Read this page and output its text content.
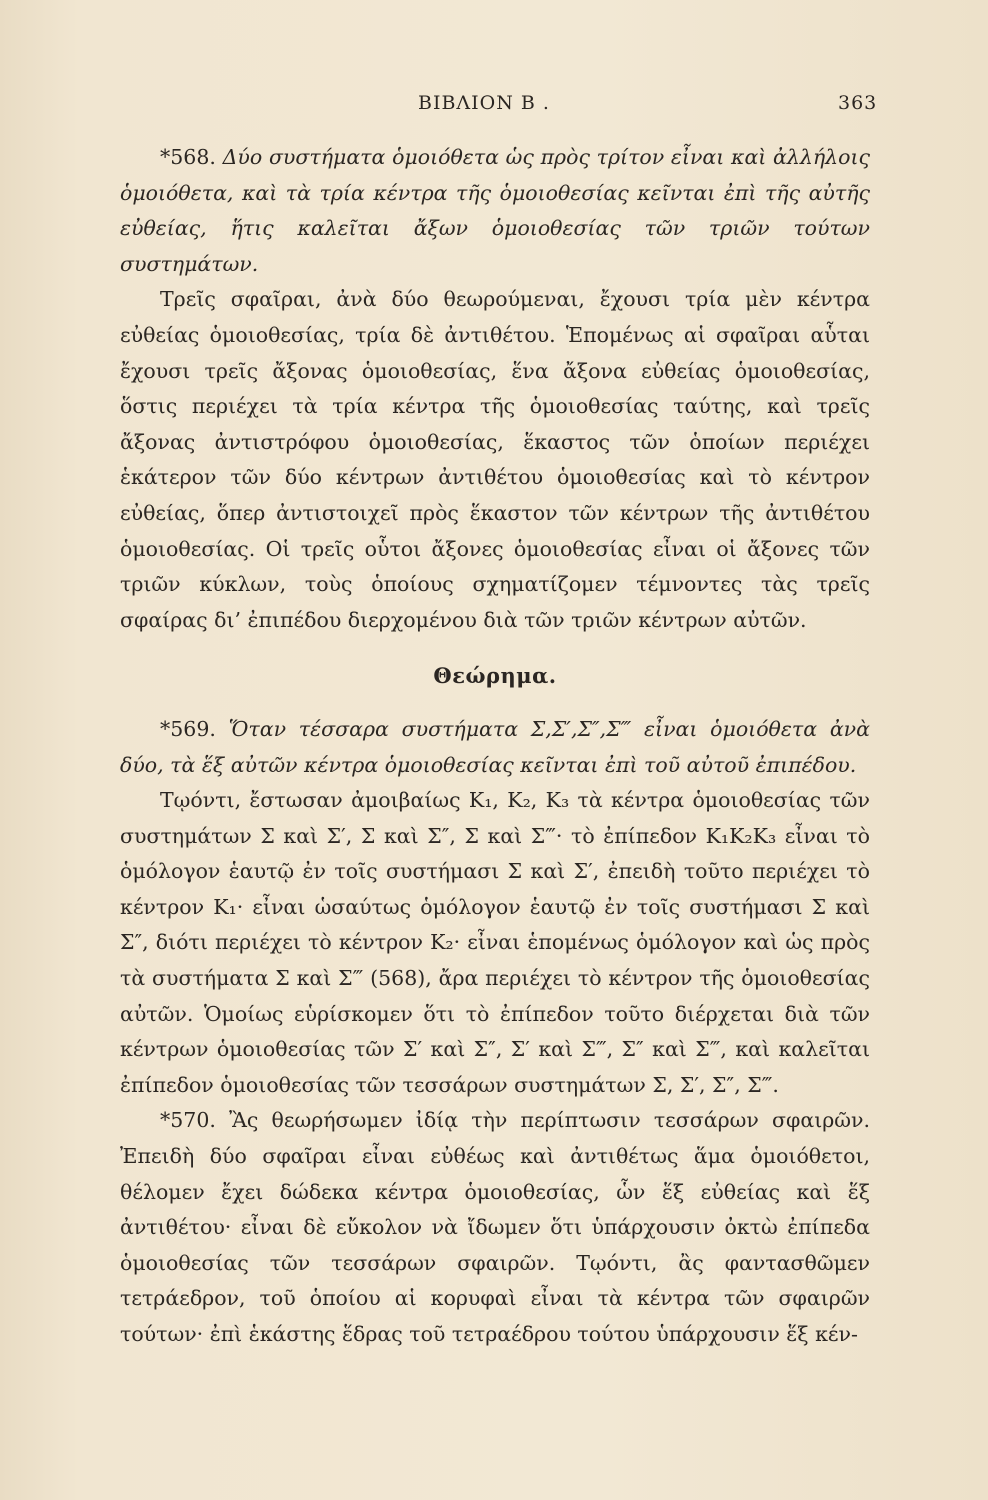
ΒΙΒΛΙΟΝ Β .	363

*568. Δύο συστήματα ὁμοιόθετα ὡς πρὸς τρίτον εἶναι καὶ ἀλλήλοις ὁμοιόθετα, καὶ τὰ τρία κέντρα τῆς ὁμοιοθεσίας κεῖνται ἐπὶ τῆς αὐτῆς εὐθείας, ἥτις καλεῖται ἄξων ὁμοιοθεσίας τῶν τριῶν τούτων συστημάτων.

Τρεῖς σφαῖραι, ἀνὰ δύο θεωρούμεναι, ἔχουσι τρία μὲν κέντρα εὐθείας ὁμοιοθεσίας, τρία δὲ ἀντιθέτου. Ἑπομένως αἱ σφαῖραι αὗται ἔχουσι τρεῖς ἄξονας ὁμοιοθεσίας, ἕνα ἄξονα εὐθείας ὁμοιοθεσίας, ὅστις περιέχει τὰ τρία κέντρα τῆς ὁμοιοθεσίας ταύτης, καὶ τρεῖς ἄξονας ἀντιστρόφου ὁμοιοθεσίας, ἕκαστος τῶν ὁποίων περιέχει ἑκάτερον τῶν δύο κέντρων ἀντιθέτου ὁμοιοθεσίας καὶ τὸ κέντρον εὐθείας, ὅπερ ἀντιστοιχεῖ πρὸς ἕκαστον τῶν κέντρων τῆς ἀντιθέτου ὁμοιοθεσίας. Οἱ τρεῖς οὗτοι ἄξονες ὁμοιοθεσίας εἶναι οἱ ἄξονες τῶν τριῶν κύκλων, τοὺς ὁποίους σχηματίζομεν τέμνοντες τὰς τρεῖς σφαίρας δι’ ἐπιπέδου διερχομένου διὰ τῶν τριῶν κέντρων αὐτῶν.

Θεώρημα.

*569. Ὅταν τέσσαρα συστήματα Σ,Σ′,Σ″,Σ‴ εἶναι ὁμοιόθετα ἀνὰ δύο, τὰ ἕξ αὐτῶν κέντρα ὁμοιοθεσίας κεῖνται ἐπὶ τοῦ αὐτοῦ ἐπιπέδου.

Τῳόντι, ἔστωσαν ἀμοιβαίως Κ₁, Κ₂, Κ₃ τὰ κέντρα ὁμοιοθεσίας τῶν συστημάτων Σ καὶ Σ′, Σ καὶ Σ″, Σ καὶ Σ‴· τὸ ἐπίπεδον Κ₁Κ₂Κ₃ εἶναι τὸ ὁμόλογον ἑαυτῷ ἐν τοῖς συστήμασι Σ καὶ Σ′, ἐπειδὴ τοῦτο περιέχει τὸ κέντρον Κ₁· εἶναι ὡσαύτως ὁμόλογον ἑαυτῷ ἐν τοῖς συστήμασι Σ καὶ Σ″, διότι περιέχει τὸ κέντρον Κ₂· εἶναι ἑπομένως ὁμόλογον καὶ ὡς πρὸς τὰ συστήματα Σ καὶ Σ‴ (568), ἄρα περιέχει τὸ κέντρον τῆς ὁμοιοθεσίας αὐτῶν. Ὁμοίως εὑρίσκομεν ὅτι τὸ ἐπίπεδον τοῦτο διέρχεται διὰ τῶν κέντρων ὁμοιοθεσίας τῶν Σ′ καὶ Σ″, Σ′ καὶ Σ‴, Σ″ καὶ Σ‴, καὶ καλεῖται ἐπίπεδον ὁμοιοθεσίας τῶν τεσσάρων συστημάτων Σ, Σ′, Σ″, Σ‴.

*570. Ἂς θεωρήσωμεν ἰδίᾳ τὴν περίπτωσιν τεσσάρων σφαιρῶν. Ἐπειδὴ δύο σφαῖραι εἶναι εὐθέως καὶ ἀντιθέτως ἅμα ὁμοιόθετοι, θέλομεν ἔχει δώδεκα κέντρα ὁμοιοθεσίας, ὧν ἕξ εὐθείας καὶ ἕξ ἀντιθέτου· εἶναι δὲ εὔκολον νὰ ἴδωμεν ὅτι ὑπάρχουσιν ὀκτὼ ἐπίπεδα ὁμοιοθεσίας τῶν τεσσάρων σφαιρῶν. Τῳόντι, ἂς φαντασθῶμεν τετράεδρον, τοῦ ὁποίου αἱ κορυφαὶ εἶναι τὰ κέντρα τῶν σφαιρῶν τούτων· ἐπὶ ἑκάστης ἕδρας τοῦ τετραέδρου τούτου ὑπάρχουσιν ἕξ κέν-
